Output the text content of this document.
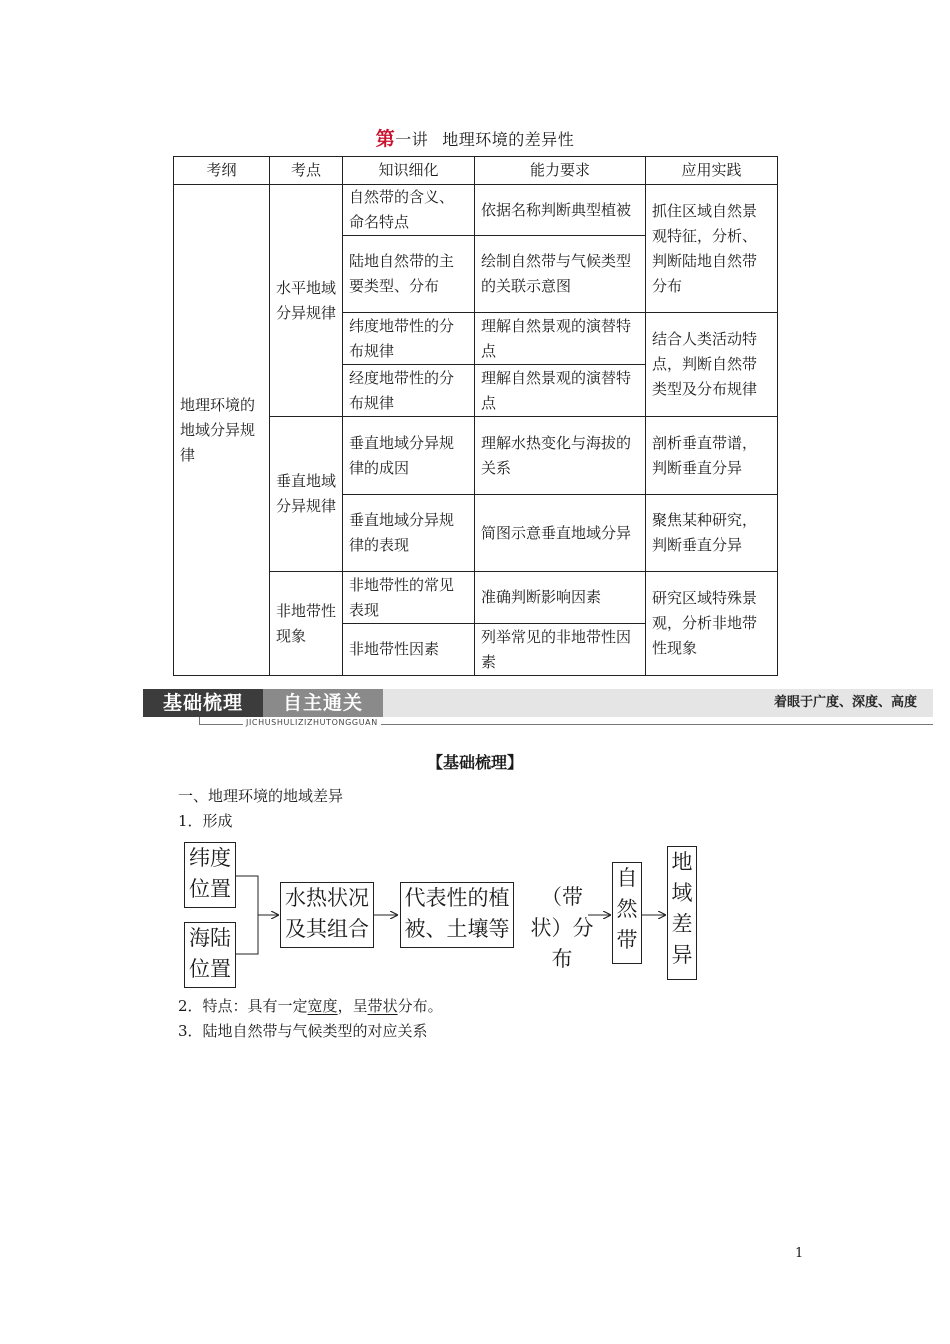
第一讲 地理环境的差异性
考纲	考点	知识细化	能力要求	应用实践
地理环境的地域分异规律	水平地域分异规律	自然带的含义、命名特点	依据名称判断典型植被	抓住区域自然景观特征，分析、判断陆地自然带分布
		陆地自然带的主要类型、分布	绘制自然带与气候类型的关联示意图	
		纬度地带性的分布规律	理解自然景观的演替特点	结合人类活动特点，判断自然带类型及分布规律
		经度地带性的分布规律	理解自然景观的演替特点	
	垂直地域分异规律	垂直地域分异规律的成因	理解水热变化与海拔的关系	剖析垂直带谱，判断垂直分异
		垂直地域分异规律的表现	简图示意垂直地域分异	聚焦某种研究，判断垂直分异
	非地带性现象	非地带性的常见表现	准确判断影响因素	研究区域特殊景观，分析非地带性现象
		非地带性因素	列举常见的非地带性因素	
基础梳理	自主通关	着眼于广度、深度、高度
JICHUSHULIZIZHUTONGGUAN
【基础梳理】
一、地理环境的地域差异
1．形成
纬度位置
海陆位置
水热状况及其组合
代表性的植被、土壤等
（带状）分布
自然带
地域差异
2．特点：具有一定宽度，呈带状分布。
3．陆地自然带与气候类型的对应关系
1
